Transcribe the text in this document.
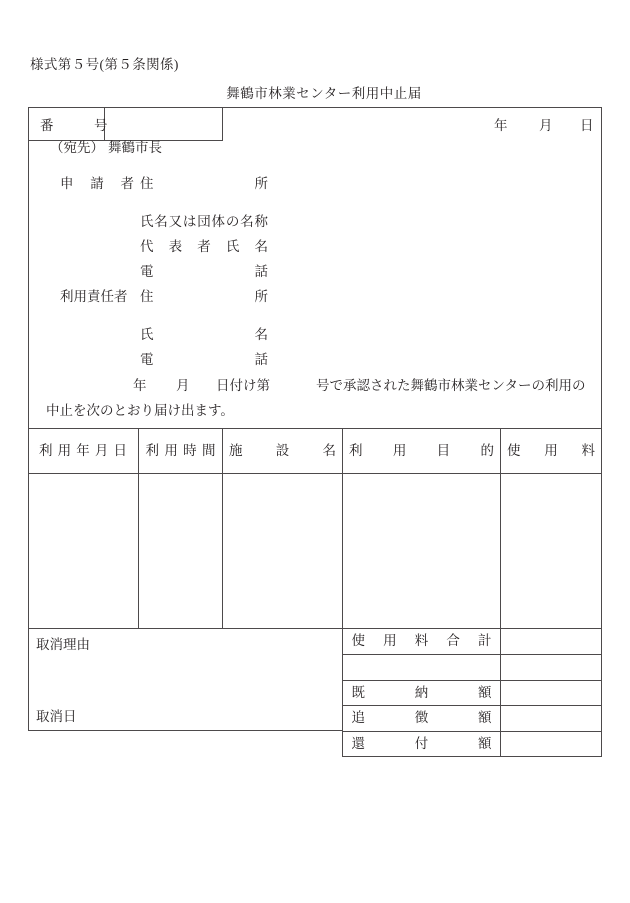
様式第５号(第５条関係)
舞鶴市林業センター利用中止届
番　　　号	年 月 日
（宛先） 舞鶴市長
申　請　者 住　　　　　　所
氏名又は団体の名称
代　表　者　氏　名
電　　　　　　話
利用責任者 住　　　　　　所
氏　　　　　　名
電　　　　　　話
年 月 日付け第	号で承認された舞鶴市林業センターの利用の
中止を次のとおり届け出ます。
利用年月日 利用時間 施　　設　　名 利　　用　　目　　的 使　用　料
取消理由
取消日
使　用　料　合　計
既　　　納　　　額
追　　　徴　　　額
還　　　付　　　額
